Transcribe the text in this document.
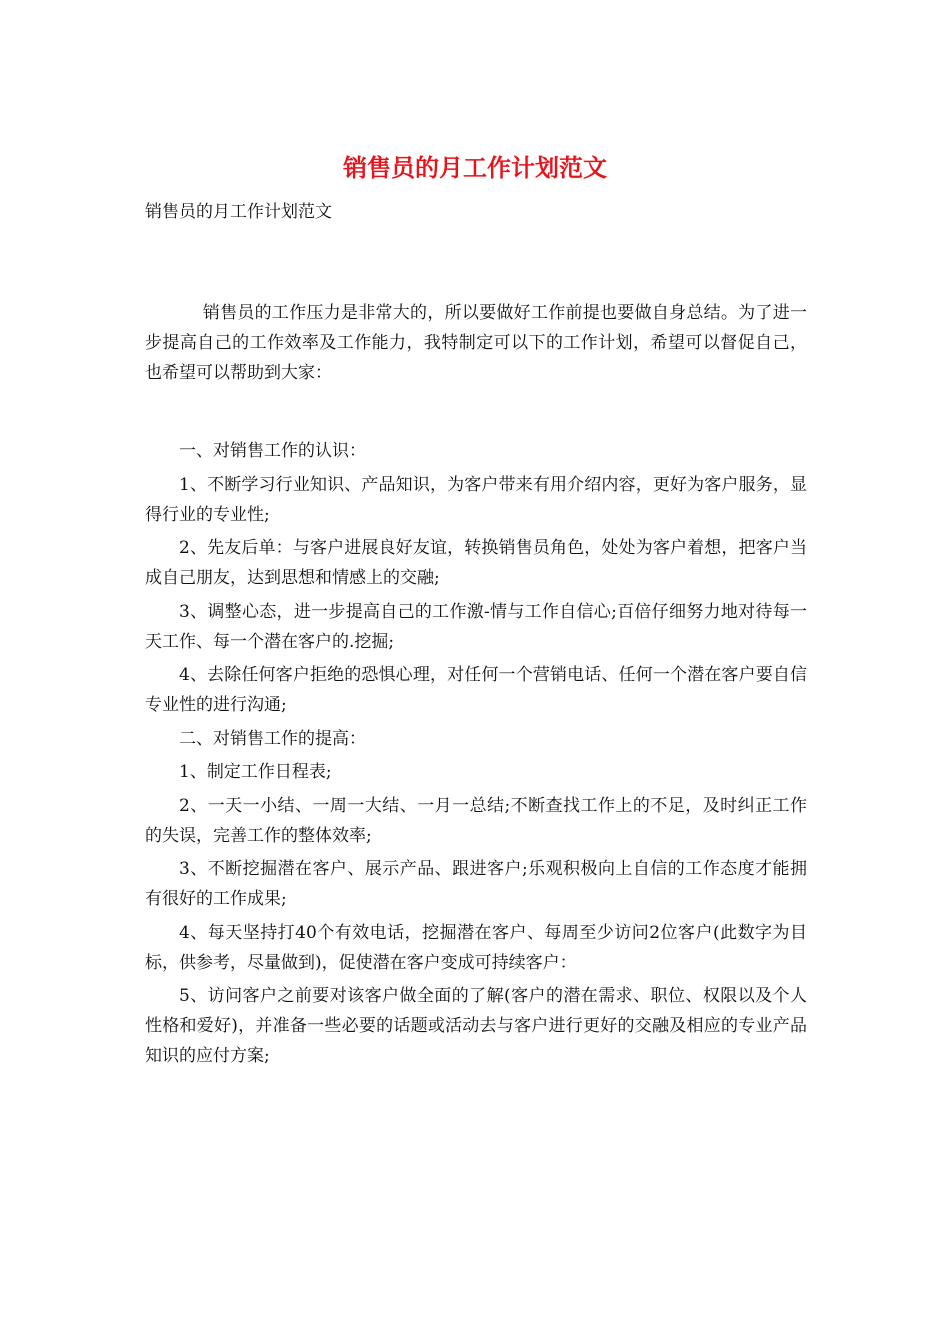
销售员的月工作计划范文

销售员的月工作计划范文

销售员的工作压力是非常大的，所以要做好工作前提也要做自身总结。为了进一步提高自己的工作效率及工作能力，我特制定可以下的工作计划，希望可以督促自己，也希望可以帮助到大家：

一、对销售工作的认识：

1、不断学习行业知识、产品知识，为客户带来有用介绍内容，更好为客户服务，显得行业的专业性;

2、先友后单：与客户进展良好友谊，转换销售员角色，处处为客户着想，把客户当成自己朋友，达到思想和情感上的交融;

3、调整心态，进一步提高自己的工作激-情与工作自信心;百倍仔细努力地对待每一天工作、每一个潜在客户的.挖掘;

4、去除任何客户拒绝的恐惧心理，对任何一个营销电话、任何一个潜在客户要自信专业性的进行沟通;

二、对销售工作的提高：

1、制定工作日程表;

2、一天一小结、一周一大结、一月一总结;不断查找工作上的不足，及时纠正工作的失误，完善工作的整体效率;

3、不断挖掘潜在客户、展示产品、跟进客户;乐观积极向上自信的工作态度才能拥有很好的工作成果;

4、每天坚持打40个有效电话，挖掘潜在客户、每周至少访问2位客户(此数字为目标，供参考，尽量做到)，促使潜在客户变成可持续客户：

5、访问客户之前要对该客户做全面的了解(客户的潜在需求、职位、权限以及个人性格和爱好)，并准备一些必要的话题或活动去与客户进行更好的交融及相应的专业产品知识的应付方案;
